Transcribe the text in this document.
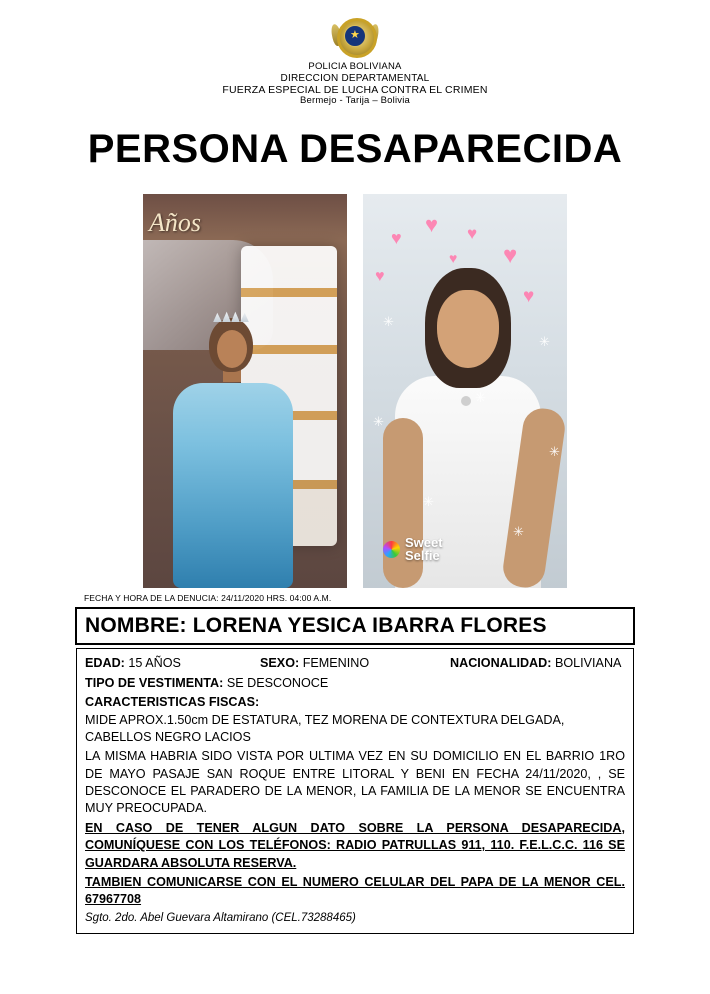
★
POLICIA BOLIVIANA
DIRECCION DEPARTAMENTAL
FUERZA ESPECIAL DE LUCHA CONTRA EL CRIMEN
Bermejo - Tarija – Bolivia
PERSONA DESAPARECIDA
Años
♥
♥ ♥
♥
♥
♥
♥
✳
✳
✳
✳
✳
✳
✳
Sweet
Selfie
FECHA Y HORA DE LA DENUCIA: 24/11/2020 HRS. 04:00 A.M.
NOMBRE: LORENA YESICA IBARRA FLORES
EDAD: 15 AÑOS	SEXO: FEMENINO	NACIONALIDAD: BOLIVIANA
TIPO DE VESTIMENTA: SE DESCONOCE
CARACTERISTICAS FISCAS:
MIDE APROX.1.50cm DE ESTATURA, TEZ MORENA DE CONTEXTURA DELGADA,
CABELLOS NEGRO LACIOS
LA MISMA HABRIA SIDO VISTA POR ULTIMA VEZ EN SU DOMICILIO EN EL BARRIO 1RO DE MAYO PASAJE SAN ROQUE ENTRE LITORAL Y BENI EN FECHA 24/11/2020, , SE DESCONOCE EL PARADERO DE LA MENOR, LA FAMILIA DE LA MENOR SE ENCUENTRA MUY PREOCUPADA.
EN CASO DE TENER ALGUN DATO SOBRE LA PERSONA DESAPARECIDA, COMUNÍQUESE CON LOS TELÉFONOS: RADIO PATRULLAS 911, 110. F.E.L.C.C. 116 SE GUARDARA ABSOLUTA RESERVA.
TAMBIEN COMUNICARSE CON EL NUMERO CELULAR DEL PAPA DE LA MENOR CEL. 67967708
Sgto. 2do. Abel Guevara Altamirano (CEL.73288465)
